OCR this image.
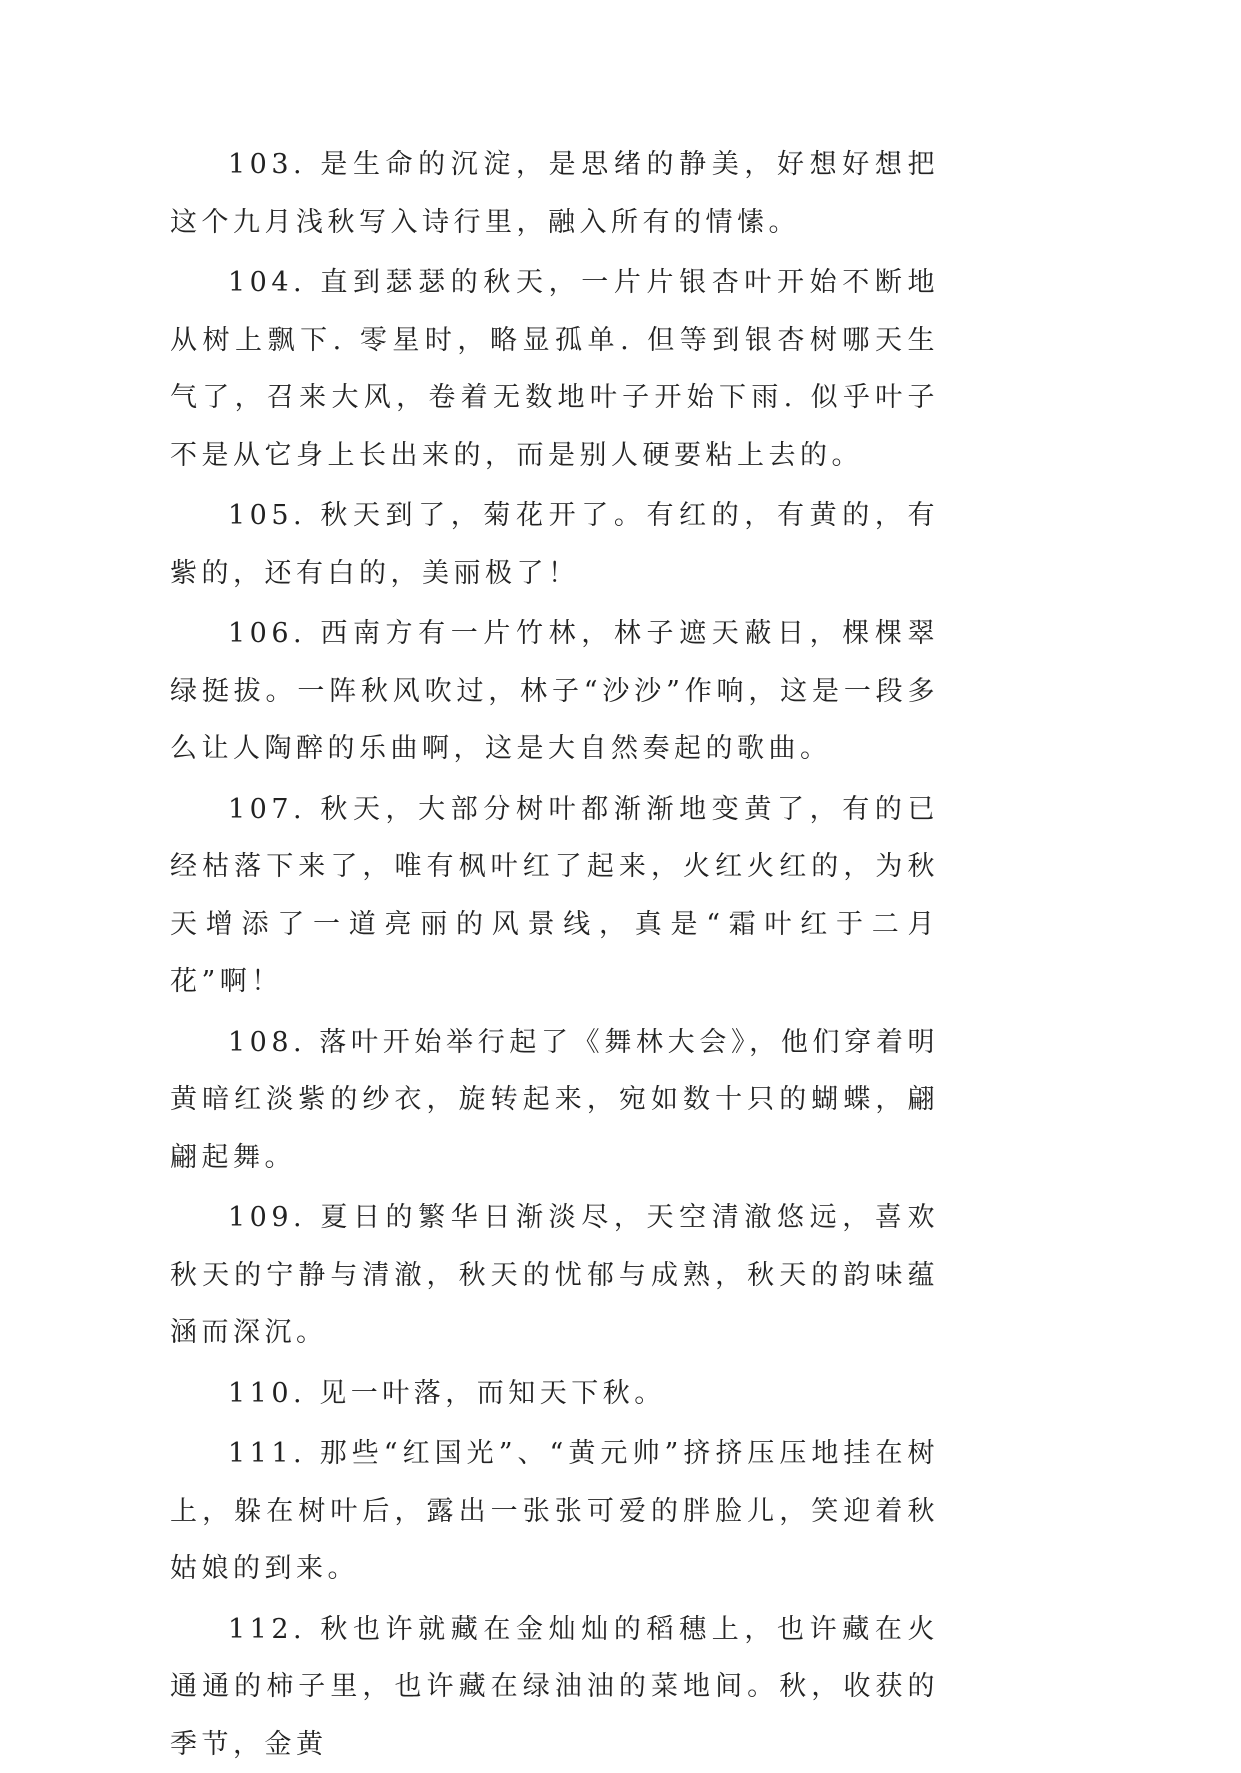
103. 是生命的沉淀，是思绪的静美，好想好想把这个九月浅秋写入诗行里，融入所有的情愫。

104. 直到瑟瑟的秋天，一片片银杏叶开始不断地从树上飘下. 零星时，略显孤单. 但等到银杏树哪天生气了，召来大风，卷着无数地叶子开始下雨. 似乎叶子不是从它身上长出来的，而是别人硬要粘上去的。

105. 秋天到了，菊花开了。有红的，有黄的，有紫的，还有白的，美丽极了！

106. 西南方有一片竹林，林子遮天蔽日，棵棵翠绿挺拔。一阵秋风吹过，林子“沙沙”作响，这是一段多么让人陶醉的乐曲啊，这是大自然奏起的歌曲。

107. 秋天，大部分树叶都渐渐地变黄了，有的已经枯落下来了，唯有枫叶红了起来，火红火红的，为秋天增添了一道亮丽的风景线，真是“霜叶红于二月花”啊！

108. 落叶开始举行起了《舞林大会》，他们穿着明黄暗红淡紫的纱衣，旋转起来，宛如数十只的蝴蝶，翩翩起舞。

109. 夏日的繁华日渐淡尽，天空清澈悠远，喜欢秋天的宁静与清澈，秋天的忧郁与成熟，秋天的韵味蕴涵而深沉。

110. 见一叶落，而知天下秋。

111. 那些“红国光”、“黄元帅”挤挤压压地挂在树上，躲在树叶后，露出一张张可爱的胖脸儿，笑迎着秋姑娘的到来。

112. 秋也许就藏在金灿灿的稻穗上，也许藏在火通通的柿子里，也许藏在绿油油的菜地间。秋，收获的季节，金黄
